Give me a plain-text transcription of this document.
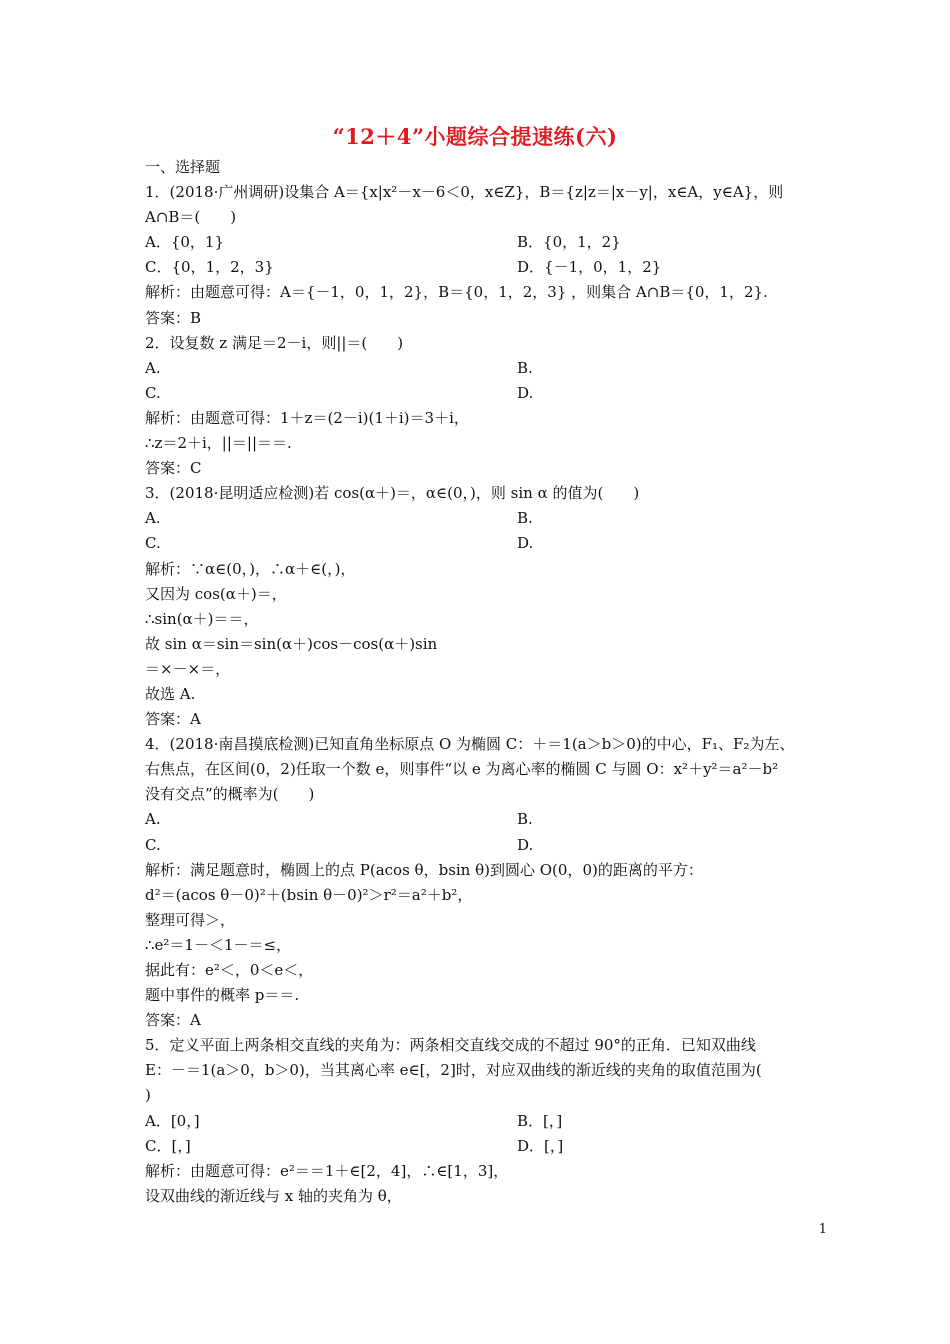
“12＋4”小题综合提速练(六)
一、选择题
1．(2018·广州调研)设集合 A＝{x|x²－x－6＜0，x∈Z}，B＝{z|z＝|x－y|，x∈A，y∈A}，则
A∩B＝(　　)
A．{0，1}	B．{0，1，2}
C．{0，1，2，3}	D．{－1，0，1，2}
解析：由题意可得：A＝{－1，0，1，2}，B＝{0，1，2，3} ，则集合 A∩B＝{0，1，2}.
答案：B
2．设复数 z 满足＝2－i，则||＝(　　)
A.	B.
C.	D.
解析：由题意可得：1＋z＝(2－i)(1＋i)＝3＋i，
∴z＝2＋i，||＝||＝＝.
答案：C
3．(2018·昆明适应检测)若 cos(α＋)＝，α∈(0，)，则 sin α 的值为(　　)
A.	B.
C.	D.
解析：∵α∈(0，)，∴α＋∈(，)，
又因为 cos(α＋)＝，
∴sin(α＋)＝＝，
故 sin α＝sin＝sin(α＋)cos－cos(α＋)sin
＝×－×＝，
故选 A.
答案：A
4．(2018·南昌摸底检测)已知直角坐标原点 O 为椭圆 C：＋＝1(a＞b＞0)的中心，F₁、F₂为左、
右焦点，在区间(0，2)任取一个数 e，则事件“以 e 为离心率的椭圆 C 与圆 O：x²＋y²＝a²－b²
没有交点”的概率为(　　)
A.	B.
C.	D.
解析：满足题意时，椭圆上的点 P(acos θ，bsin θ)到圆心 O(0，0)的距离的平方：
d²＝(acos θ－0)²＋(bsin θ－0)²＞r²＝a²＋b²，
整理可得＞，
∴e²＝1－＜1－＝≤，
据此有：e²＜，0＜e＜，
题中事件的概率 p＝＝.
答案：A
5．定义平面上两条相交直线的夹角为：两条相交直线交成的不超过 90°的正角．已知双曲线
E：－＝1(a＞0，b＞0)，当其离心率 e∈[，2]时，对应双曲线的渐近线的夹角的取值范围为(
)
A．[0，]	B．[，]
C．[，]	D．[，]
解析：由题意可得：e²＝＝1＋∈[2，4]，∴∈[1，3]，
设双曲线的渐近线与 x 轴的夹角为 θ，
1
